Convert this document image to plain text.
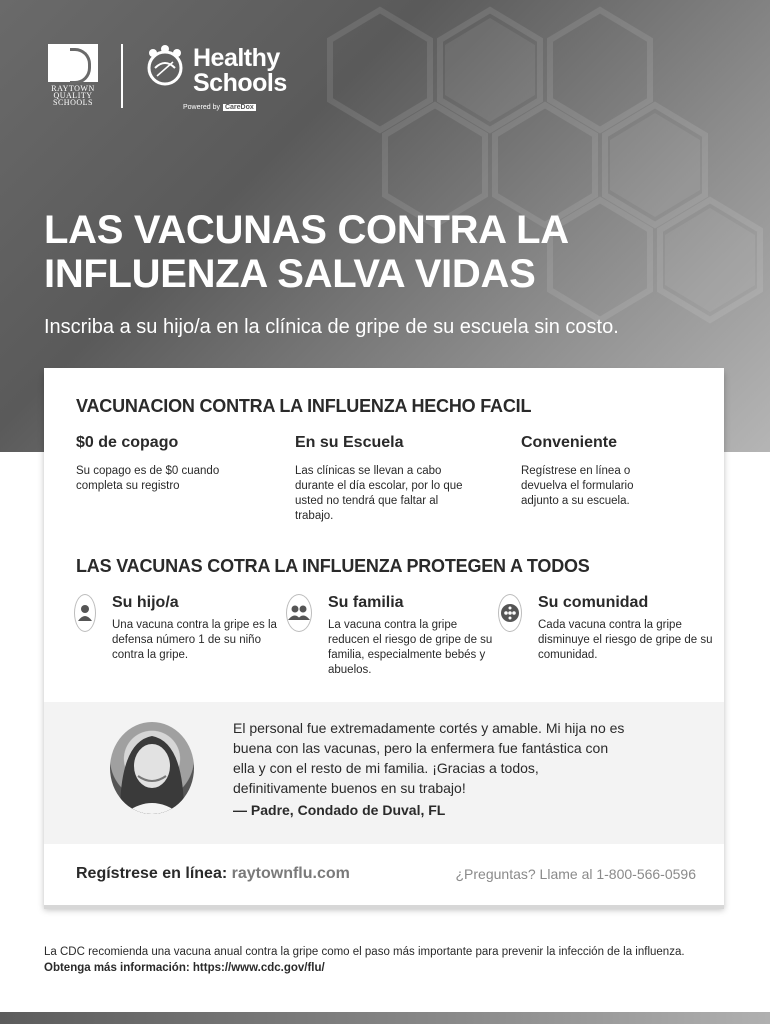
RAYTOWN
QUALITY
SCHOOLS
Healthy
Schools
Powered by CareDox
LAS VACUNAS CONTRA LA INFLUENZA SALVA VIDAS

Inscriba a su hijo/a en la clínica de gripe de su escuela sin costo.

VACUNACION CONTRA LA INFLUENZA HECHO FACIL
$0 de copago
Su copago es de $0 cuando completa su registro
En su Escuela
Las clínicas se llevan a cabo durante el día escolar, por lo que usted no tendrá que faltar al trabajo.
Conveniente
Regístrese en línea o devuelva el formulario adjunto a su escuela.
LAS VACUNAS COTRA LA INFLUENZA PROTEGEN A TODOS
Su hijo/a
Una vacuna contra la gripe es la defensa número 1 de su niño contra la gripe.
Su familia
La vacuna contra la gripe reducen el riesgo de gripe de su familia, especialmente bebés y abuelos.
Su comunidad
Cada vacuna contra la gripe disminuye el riesgo de gripe de su comunidad.
El personal fue extremadamente cortés y amable. Mi hija no es buena con las vacunas, pero la enfermera fue fantástica con ella y con el resto de mi familia. ¡Gracias a todos, definitivamente buenos en su trabajo!
— Padre, Condado de Duval, FL
Regístrese en línea: raytownflu.com	¿Preguntas? Llame al 1-800-566-0596
La CDC recomienda una vacuna anual contra la gripe como el paso más importante para prevenir la infección de la influenza. Obtenga más información: https://www.cdc.gov/flu/
